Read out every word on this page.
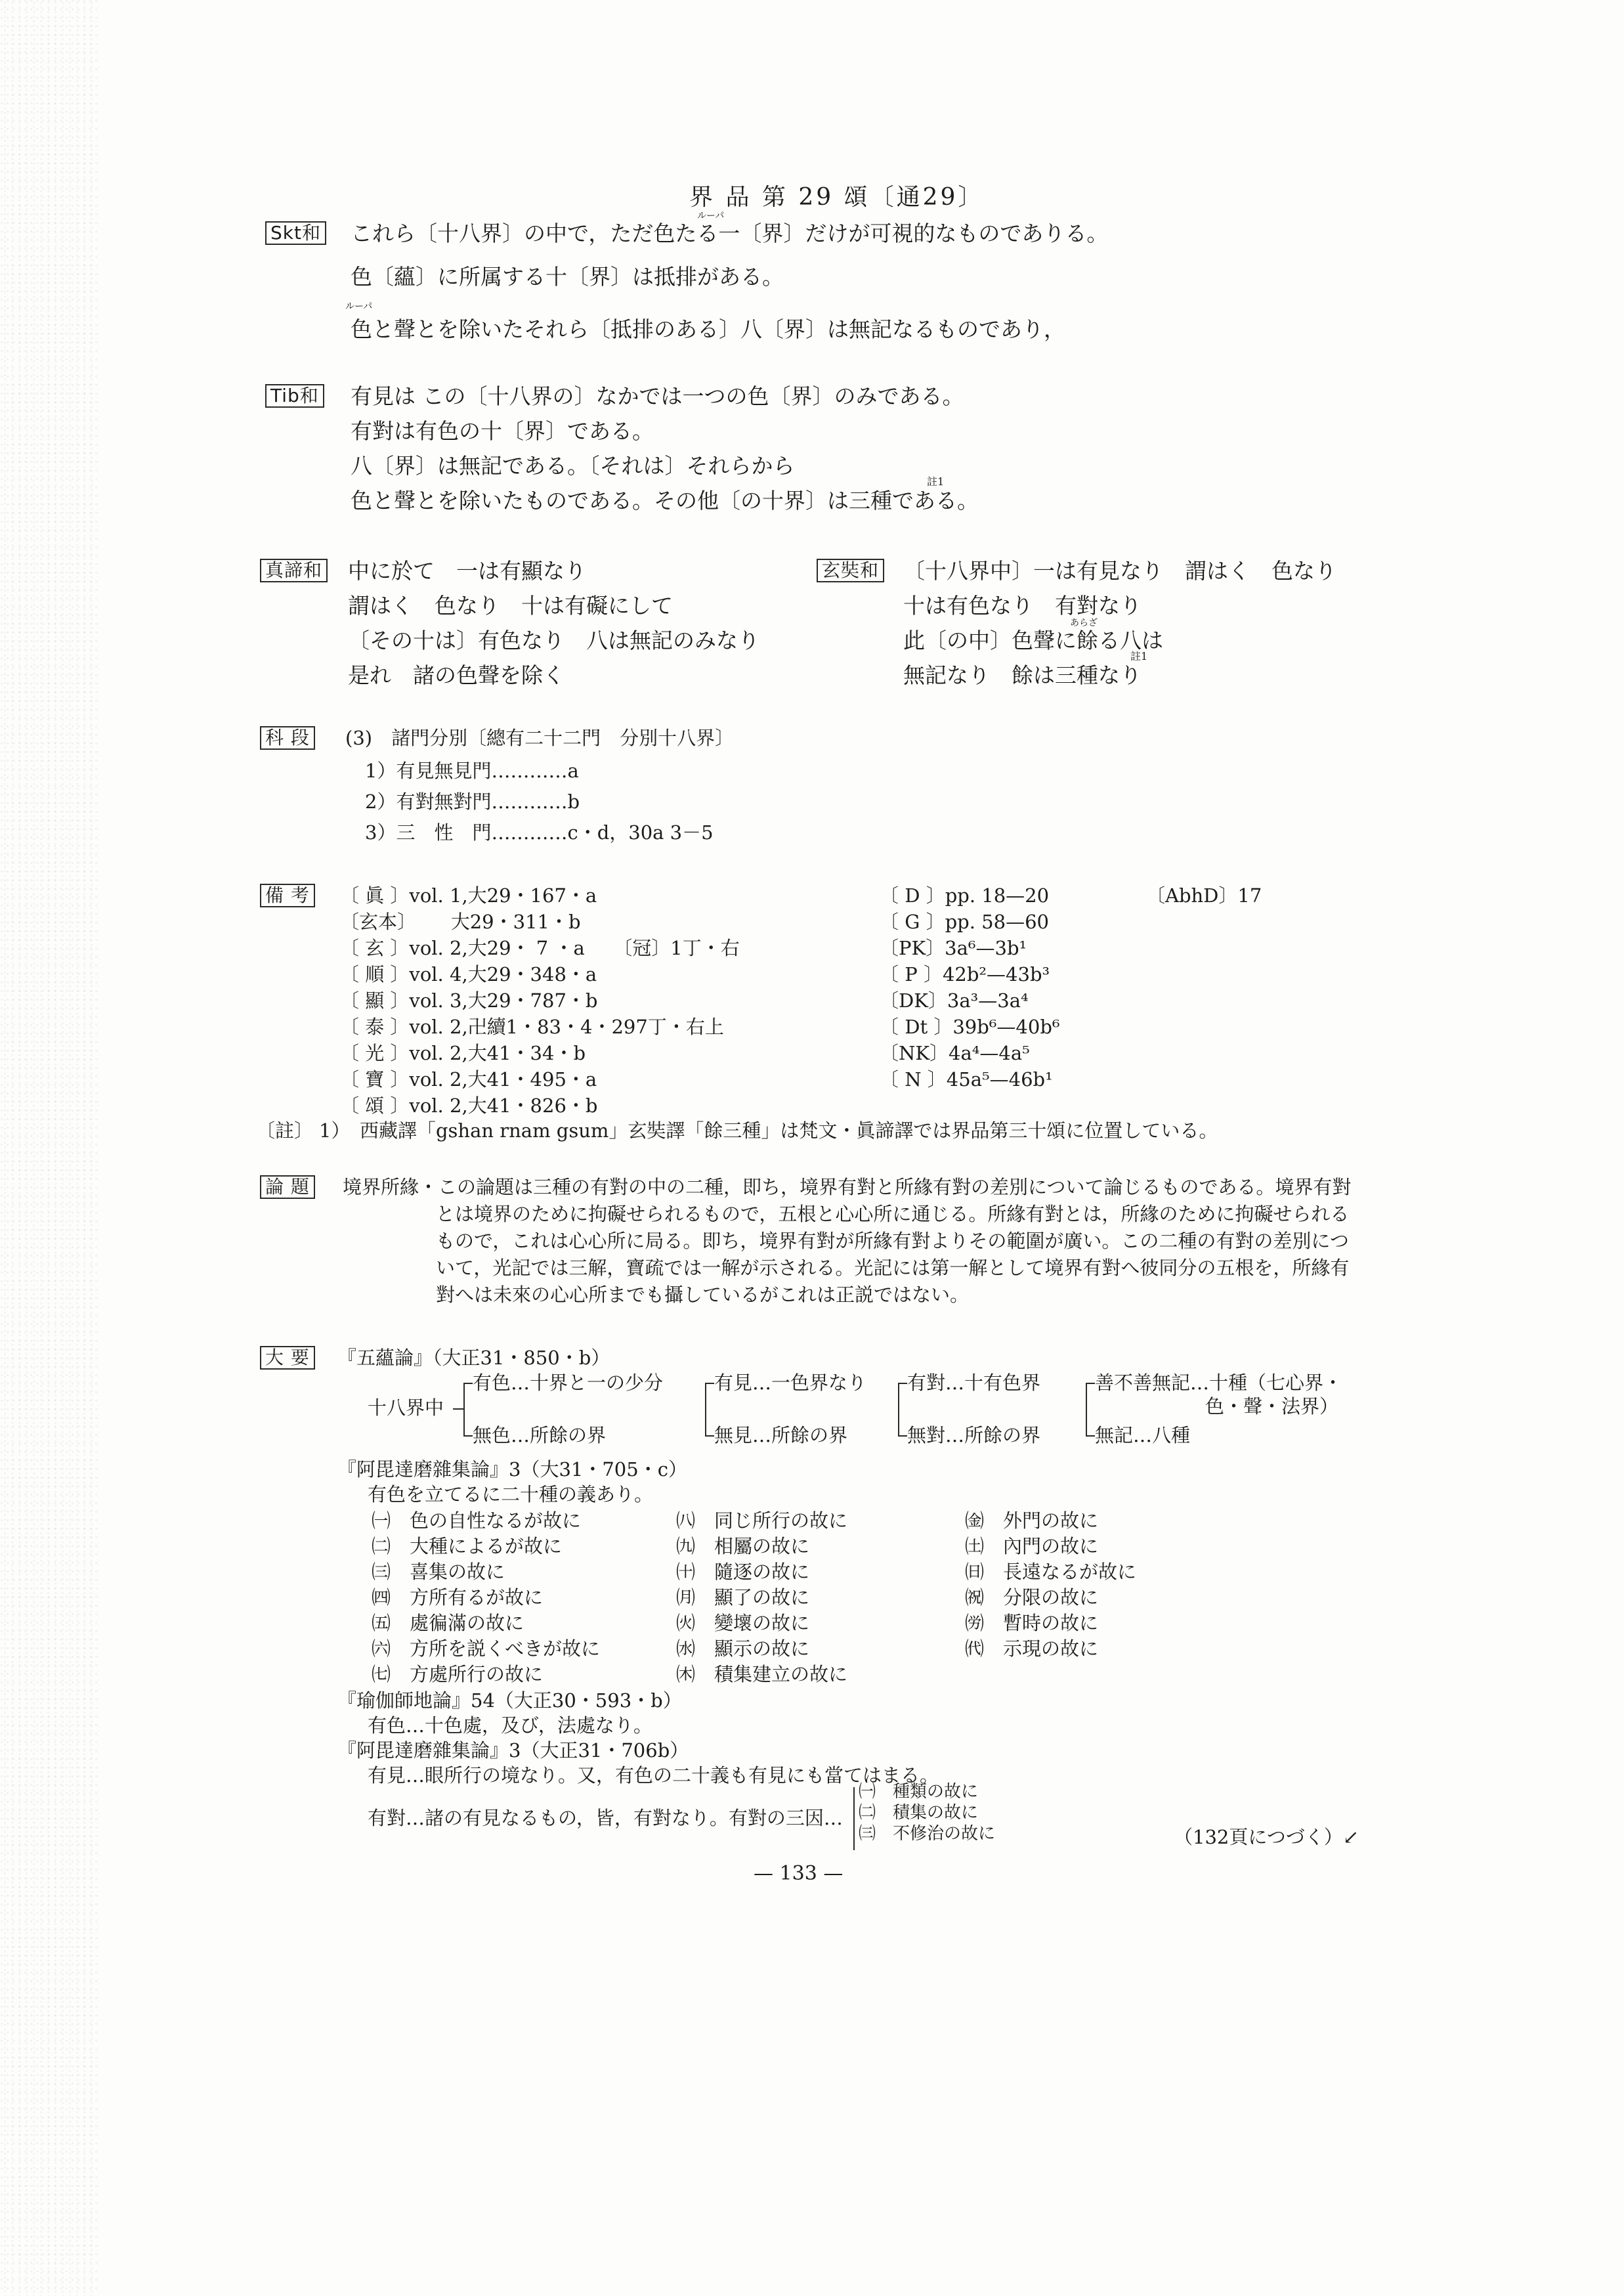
界 品 第 29 頌〔通29〕
Skt和
ルーパ
これら〔十八界〕の中で，ただ色たる一〔界〕だけが可視的なものでありる。
色〔蘊〕に所属する十〔界〕は抵排がある。
ルーパ
色と聲とを除いたそれら〔抵排のある〕八〔界〕は無記なるものであり，
Tib和 有見は この〔十八界の〕なかでは一つの色〔界〕のみである。
有對は有色の十〔界〕である。
八〔界〕は無記である。〔それは〕それらから
註1
色と聲とを除いたものである。その他〔の十界〕は三種である。
真諦和 中に於て　一は有顯なり
謂はく　色なり　十は有礙にして
〔その十は〕有色なり　八は無記のみなり
是れ　諸の色聲を除く
玄奘和 〔十八界中〕一は有見なり　謂はく　色なり
十は有色なり　有對なり
あらざ
此〔の中〕色聲に餘る八は
註1
無記なり　餘は三種なり
科 段 (3)　諸門分別〔總有二十二門　分別十八界〕
1）有見無見門…………a
2）有對無對門…………b
3）三　性　門…………c・d，30a 3－5
備 考 〔 眞 〕vol. 1,大29・167・a
〔玄本〕　　 大29・311・b
〔 玄 〕vol. 2,大29・ 7 ・a　　〔冠〕1丁・右
〔 順 〕vol. 4,大29・348・a
〔 顯 〕vol. 3,大29・787・b
〔 泰 〕vol. 2,卍續1・83・4・297丁・右上
〔 光 〕vol. 2,大41・34・b
〔 寶 〕vol. 2,大41・495・a
〔 頌 〕vol. 2,大41・826・b
〔 D 〕pp. 18—20
〔 G 〕pp. 58—60
〔PK〕3a⁶—3b¹
〔 P 〕42b²—43b³
〔DK〕3a³—3a⁴
〔 Dt 〕39b⁶—40b⁶
〔NK〕4a⁴—4a⁵
〔 N 〕45a⁵—46b¹
〔AbhD〕17
〔註〕 1）　西藏譯「gshan rnam gsum」玄奘譯「餘三種」は梵文・眞諦譯では界品第三十頌に位置している。
論 題 境界所緣・この論題は三種の有對の中の二種，即ち，境界有對と所緣有對の差別について論じるものである。境界有對
とは境界のために拘礙せられるもので，五根と心心所に通じる。所緣有對とは，所緣のために拘礙せられる
もので，これは心心所に局る。即ち，境界有對が所緣有對よりその範圍が廣い。この二種の有對の差別につ
いて，光記では三解，寶疏では一解が示される。光記には第一解として境界有對へ彼同分の五根を，所緣有
對へは未來の心心所までも攝しているがこれは正説ではない。
大 要 『五蘊論』（大正31・850・b）
十八界中
有色…十界と一の少分
無色…所餘の界
有見…一色界なり
無見…所餘の界
有對…十有色界
無對…所餘の界
善不善無記…十種（七心界・
色・聲・法界）
無記…八種
『阿毘達磨雜集論』3（大31・705・c）
有色を立てるに二十種の義あり。
㈠　色の自性なるが故に
㈡　大種によるが故に
㈢　喜集の故に
㈣　方所有るが故に
㈤　處徧滿の故に
㈥　方所を説くべきが故に
㈦　方處所行の故に
㈧　同じ所行の故に
㈨　相屬の故に
㈩　隨逐の故に
㈪　顯了の故に
㈫　變壞の故に
㈬　顯示の故に
㈭　積集建立の故に
㈮　外門の故に
㈯　內門の故に
㈰　長遠なるが故に
㈷　分限の故に
㈸　暫時の故に
㈹　示現の故に
『瑜伽師地論』54（大正30・593・b）
有色…十色處，及び，法處なり。
『阿毘達磨雜集論』3（大正31・706b）
有見…眼所行の境なり。又，有色の二十義も有見にも當てはまる。
有對…諸の有見なるもの，皆，有對なり。有對の三因…
㈠　種類の故に
㈡　積集の故に
㈢　不修治の故に	（132頁につづく）↙
— 133 —
